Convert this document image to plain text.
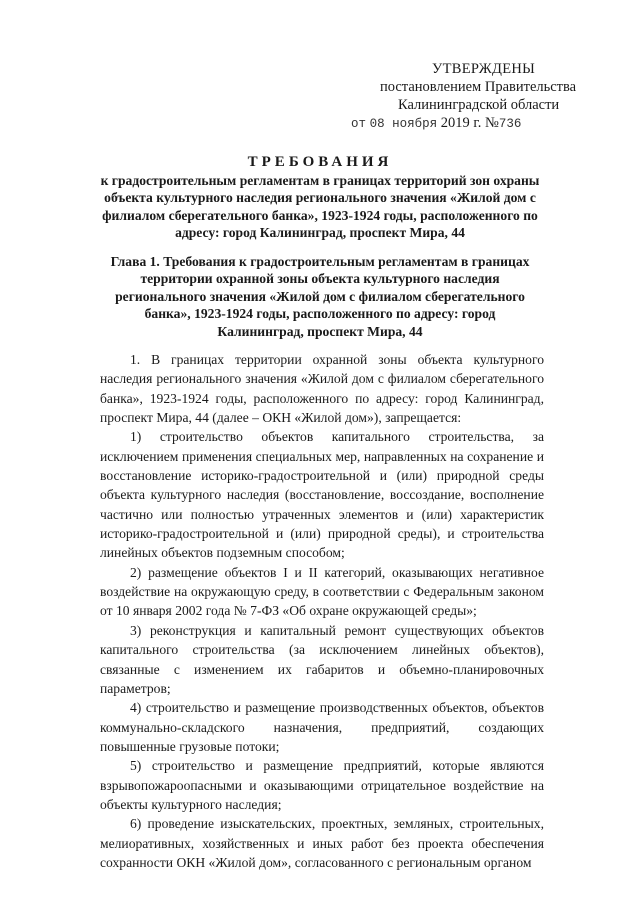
УТВЕРЖДЕНЫ
постановлением Правительства
Калининградской области
от 08 ноября 2019 г. №736
ТРЕБОВАНИЯ
к градостроительным регламентам в границах территорий зон охраны объекта культурного наследия регионального значения «Жилой дом с филиалом сберегательного банка», 1923-1924 годы, расположенного по адресу: город Калининград, проспект Мира, 44
Глава 1. Требования к градостроительным регламентам в границах территории охранной зоны объекта культурного наследия регионального значения «Жилой дом с филиалом сберегательного банка», 1923-1924 годы, расположенного по адресу: город Калининград, проспект Мира, 44

1. В границах территории охранной зоны объекта культурного наследия регионального значения «Жилой дом с филиалом сберегательного банка», 1923-1924 годы, расположенного по адресу: город Калининград, проспект Мира, 44 (далее – ОКН «Жилой дом»), запрещается:

1) строительство объектов капитального строительства, за исключением применения специальных мер, направленных на сохранение и восстановление историко-градостроительной и (или) природной среды объекта культурного наследия (восстановление, воссоздание, восполнение частично или полностью утраченных элементов и (или) характеристик историко-градостроительной и (или) природной среды), и строительства линейных объектов подземным способом;

2) размещение объектов I и II категорий, оказывающих негативное воздействие на окружающую среду, в соответствии с Федеральным законом от 10 января 2002 года № 7-ФЗ «Об охране окружающей среды»;

3) реконструкция и капитальный ремонт существующих объектов капитального строительства (за исключением линейных объектов), связанные с изменением их габаритов и объемно-планировочных параметров;

4) строительство и размещение производственных объектов, объектов коммунально-складского назначения, предприятий, создающих повышенные грузовые потоки;

5) строительство и размещение предприятий, которые являются взрывопожароопасными и оказывающими отрицательное воздействие на объекты культурного наследия;

6) проведение изыскательских, проектных, земляных, строительных, мелиоративных, хозяйственных и иных работ без проекта обеспечения сохранности ОКН «Жилой дом», согласованного с региональным органом
